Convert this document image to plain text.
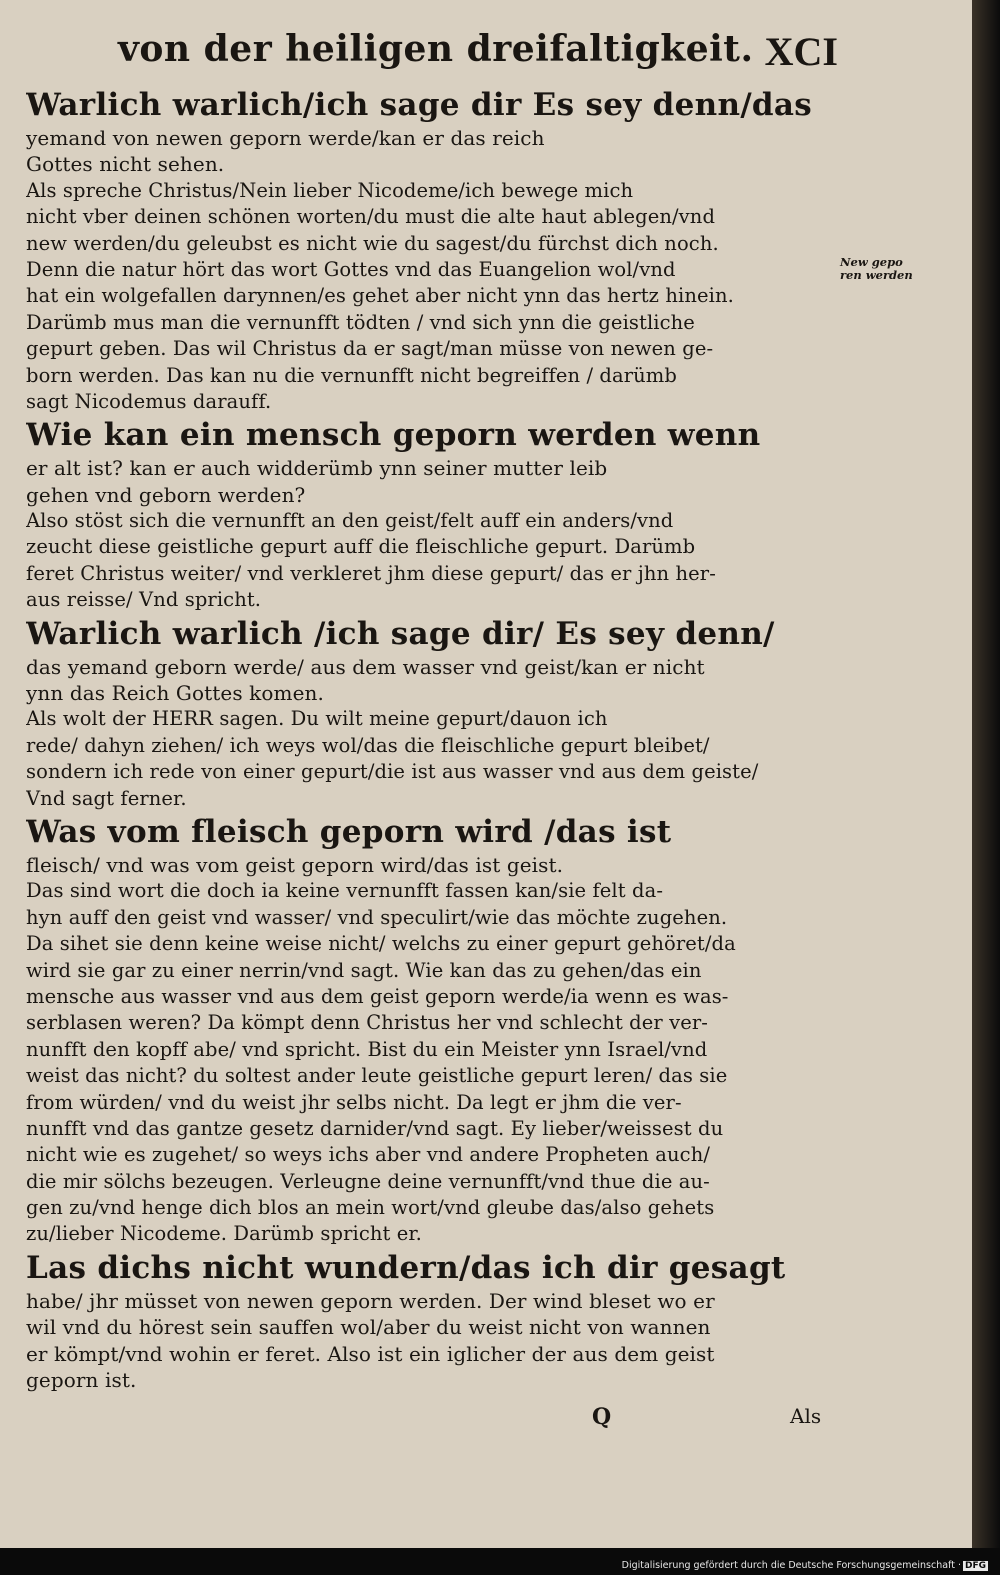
von der heiligen dreifaltigkeit. XCI
Warlich warlich/ich sage dir Es sey denn/das
yemand von newen geporn werde/kan er das reich
Gottes nicht sehen.
Als spreche Christus/Nein lieber Nicodeme/ich bewege mich
nicht vber deinen schönen worten/du must die alte haut ablegen/vnd
new werden/du geleubst es nicht wie du sagest/du fürchst dich noch.
Denn die natur hört das wort Gottes vnd das Euangelion wol/vnd
hat ein wolgefallen darynnen/es gehet aber nicht ynn das hertz hinein.
Darümb mus man die vernunfft tödten / vnd sich ynn die geistliche
gepurt geben. Das wil Christus da er sagt/man müsse von newen ge-
born werden. Das kan nu die vernunfft nicht begreiffen / darümb
sagt Nicodemus darauff.
Wie kan ein mensch geporn werden wenn
er alt ist? kan er auch widderümb ynn seiner mutter leib
gehen vnd geborn werden?
Also stöst sich die vernunfft an den geist/felt auff ein anders/vnd
zeucht diese geistliche gepurt auff die fleischliche gepurt. Darümb
feret Christus weiter/ vnd verkleret jhm diese gepurt/ das er jhn her-
aus reisse/ Vnd spricht.
Warlich warlich /ich sage dir/ Es sey denn/
das yemand geborn werde/ aus dem wasser vnd geist/kan er nicht
ynn das Reich Gottes komen.
Als wolt der HERR sagen. Du wilt meine gepurt/dauon ich
rede/ dahyn ziehen/ ich weys wol/das die fleischliche gepurt bleibet/
sondern ich rede von einer gepurt/die ist aus wasser vnd aus dem geiste/
Vnd sagt ferner.
Was vom fleisch geporn wird /das ist
fleisch/ vnd was vom geist geporn wird/das ist geist.
Das sind wort die doch ia keine vernunfft fassen kan/sie felt da-
hyn auff den geist vnd wasser/ vnd speculirt/wie das möchte zugehen.
Da sihet sie denn keine weise nicht/ welchs zu einer gepurt gehöret/da
wird sie gar zu einer nerrin/vnd sagt. Wie kan das zu gehen/das ein
mensche aus wasser vnd aus dem geist geporn werde/ia wenn es was-
serblasen weren? Da kömpt denn Christus her vnd schlecht der ver-
nunfft den kopff abe/ vnd spricht. Bist du ein Meister ynn Israel/vnd
weist das nicht? du soltest ander leute geistliche gepurt leren/ das sie
from würden/ vnd du weist jhr selbs nicht. Da legt er jhm die ver-
nunfft vnd das gantze gesetz darnider/vnd sagt. Ey lieber/weissest du
nicht wie es zugehet/ so weys ichs aber vnd andere Propheten auch/
die mir sölchs bezeugen. Verleugne deine vernunfft/vnd thue die au-
gen zu/vnd henge dich blos an mein wort/vnd gleube das/also gehets
zu/lieber Nicodeme. Darümb spricht er.
Las dichs nicht wundern/das ich dir gesagt
habe/ jhr müsset von newen geporn werden. Der wind bleset wo er
wil vnd du hörest sein sauffen wol/aber du weist nicht von wannen
er kömpt/vnd wohin er feret. Also ist ein iglicher der aus dem geist
geporn ist.
New gepo
ren werden
Q	Als
Digitalisierung gefördert durch die Deutsche Forschungsgemeinschaft · DFG
